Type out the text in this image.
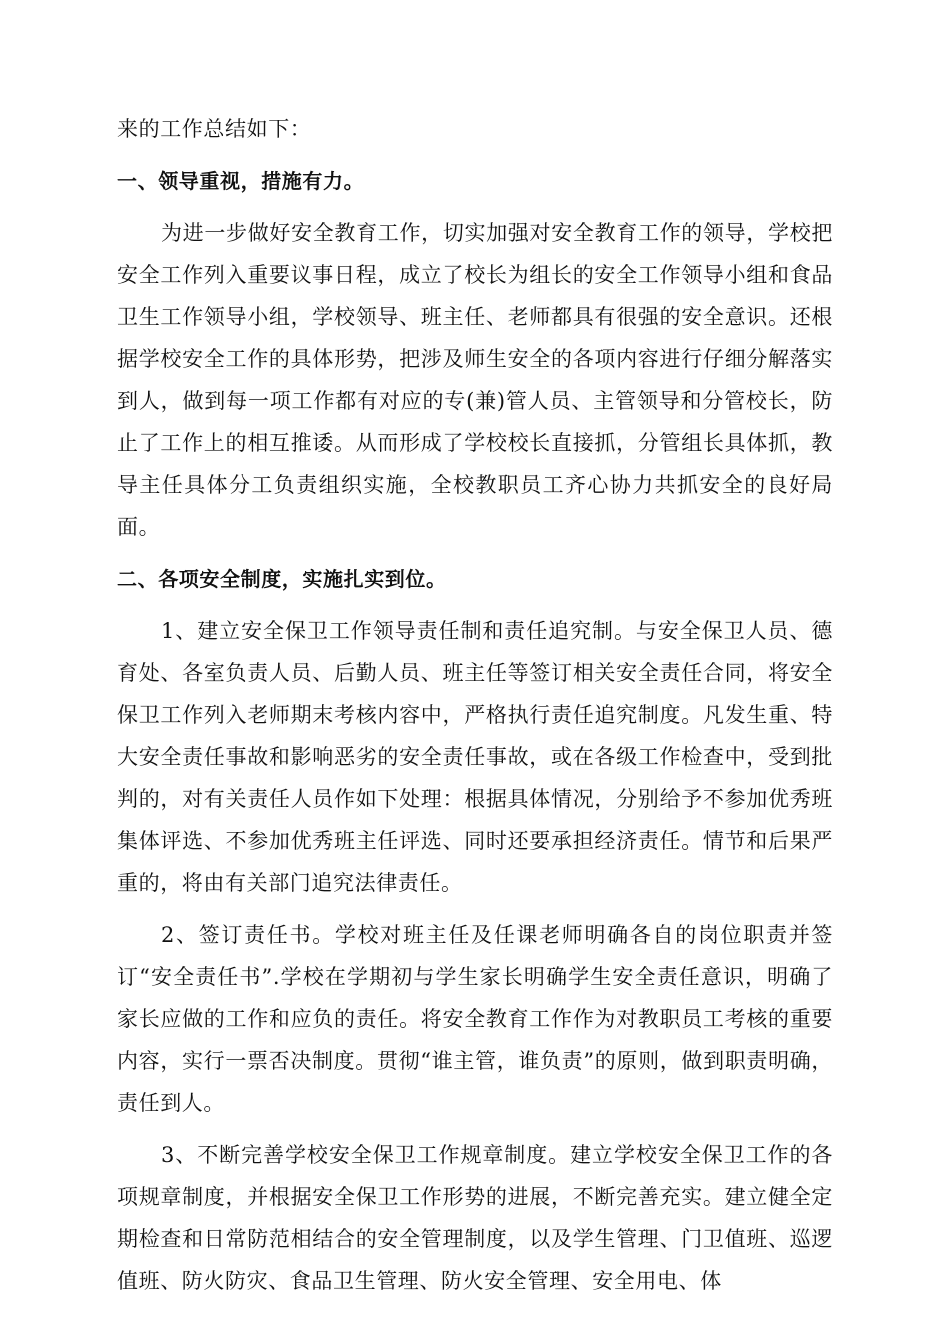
来的工作总结如下：

一、领导重视，措施有力。

为进一步做好安全教育工作，切实加强对安全教育工作的领导，学校把安全工作列入重要议事日程，成立了校长为组长的安全工作领导小组和食品卫生工作领导小组，学校领导、班主任、老师都具有很强的安全意识。还根据学校安全工作的具体形势，把涉及师生安全的各项内容进行仔细分解落实到人，做到每一项工作都有对应的专(兼)管人员、主管领导和分管校长，防止了工作上的相互推诿。从而形成了学校校长直接抓，分管组长具体抓，教导主任具体分工负责组织实施，全校教职员工齐心协力共抓安全的良好局面。

二、各项安全制度，实施扎实到位。

1、建立安全保卫工作领导责任制和责任追究制。与安全保卫人员、德育处、各室负责人员、后勤人员、班主任等签订相关安全责任合同，将安全保卫工作列入老师期末考核内容中，严格执行责任追究制度。凡发生重、特大安全责任事故和影响恶劣的安全责任事故，或在各级工作检查中，受到批判的，对有关责任人员作如下处理：根据具体情况，分别给予不参加优秀班集体评选、不参加优秀班主任评选、同时还要承担经济责任。情节和后果严重的，将由有关部门追究法律责任。

2、签订责任书。学校对班主任及任课老师明确各自的岗位职责并签订“安全责任书”.学校在学期初与学生家长明确学生安全责任意识，明确了家长应做的工作和应负的责任。将安全教育工作作为对教职员工考核的重要内容，实行一票否决制度。贯彻“谁主管，谁负责”的原则，做到职责明确，责任到人。

3、不断完善学校安全保卫工作规章制度。建立学校安全保卫工作的各项规章制度，并根据安全保卫工作形势的进展，不断完善充实。建立健全定期检查和日常防范相结合的安全管理制度，以及学生管理、门卫值班、巡逻值班、防火防灾、食品卫生管理、防火安全管理、安全用电、体
